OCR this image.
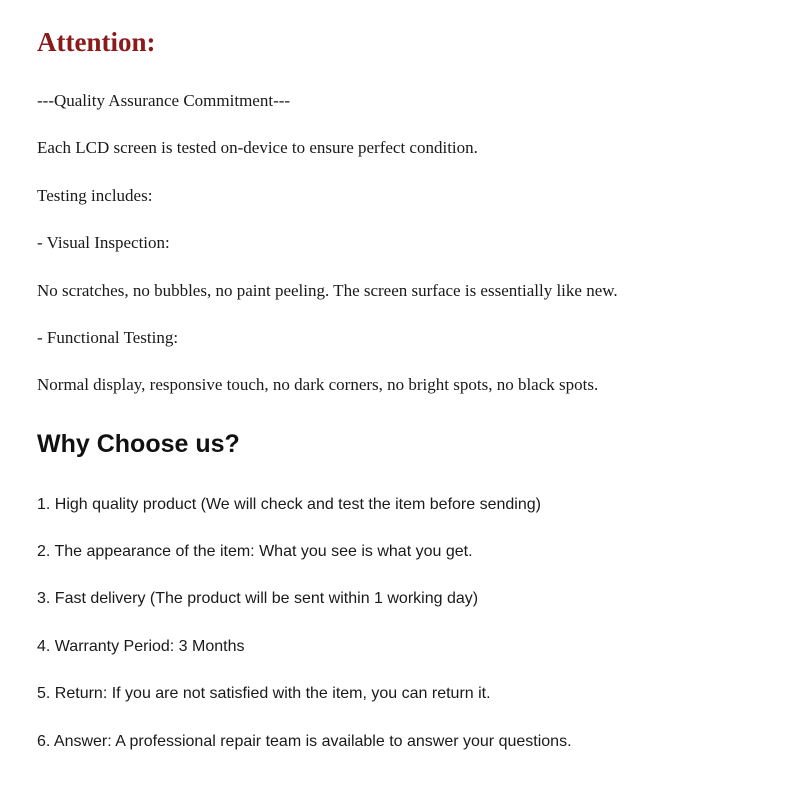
Attention:

---Quality Assurance Commitment---

Each LCD screen is tested on-device to ensure perfect condition.

Testing includes:

- Visual Inspection:

No scratches, no bubbles, no paint peeling. The screen surface is essentially like new.

- Functional Testing:

Normal display, responsive touch, no dark corners, no bright spots, no black spots.

Why Choose us?
1. High quality product (We will check and test the item before sending)
2. The appearance of the item: What you see is what you get.
3. Fast delivery (The product will be sent within 1 working day)
4. Warranty Period: 3 Months
5. Return: If you are not satisfied with the item, you can return it.
6. Answer: A professional repair team is available to answer your questions.
